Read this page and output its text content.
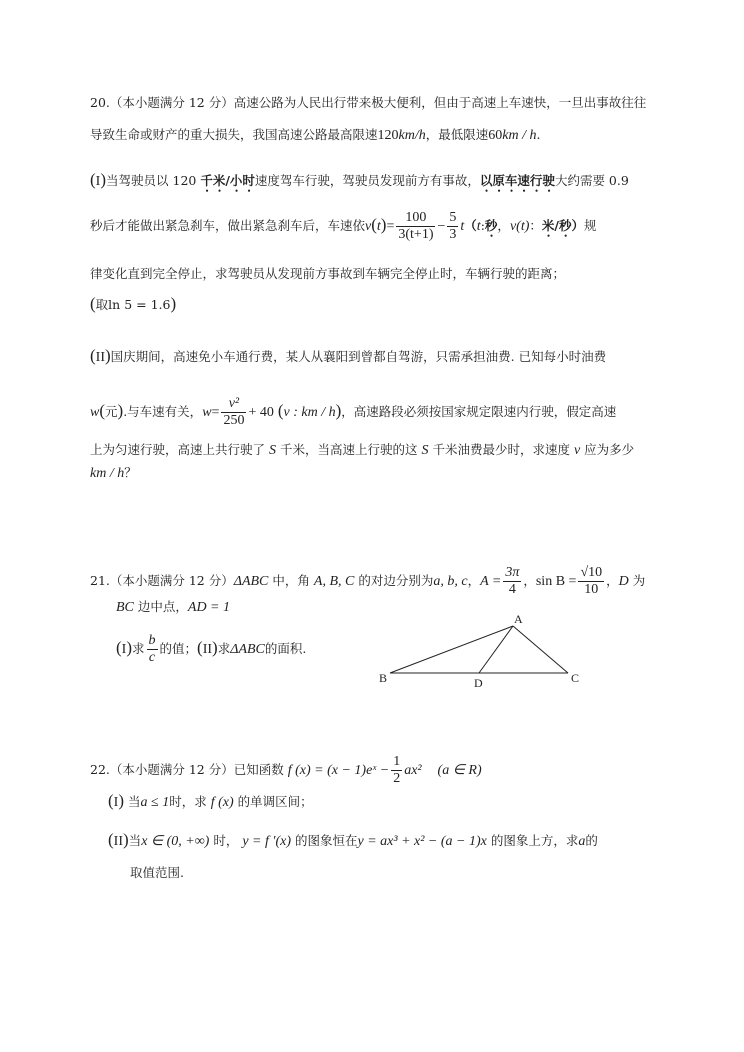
20.（本小题满分 12 分）高速公路为人民出行带来极大便利，但由于高速上车速快，一旦出事故往往
导致生命或财产的重大损失，我国高速公路最高限速120km/h，最低限速60km / h.
(I)当驾驶员以 120 千米/小时速度驾车行驶，驾驶员发现前方有事故，以原车速行驶大约需要 0.9
秒后才能做出紧急刹车，做出紧急刹车后，车速依$v(t)= \frac{100}{3(t+1)} - \frac{5}{3} t(t$:秒，v(t)：米/秒）规
律变化直到完全停止，求驾驶员从发现前方事故到车辆完全停止时，车辆行驶的距离；
(取ln 5 = 1.6)
(II)国庆期间，高速免小车通行费，某人从襄阳到曾都自驾游，只需承担油费. 已知每小时油费
w(元).与车速有关，$w= \frac{\text{v²}}{250} + 40$ (v : km / h)，高速路段必须按国家规定限速内行驶，假定高速
上为匀速行驶，高速上共行驶了 S 千米，当高速上行驶的这 S 千米油费最少时，求速度 v 应为多少
km / h？
21.（本小题满分 12 分）ΔABC 中，角 A, B, C 的对边分别为a, b, c，$A = \frac{3\pi}{4}$ ，$\sin B = \frac{√10}{10}$ ，D 为
BC 边中点，AD = 1
(I)求 $\frac{b}{c}$ 的值；(II)求ΔABC的面积.
A
B	D	C
22.（本小题满分 12 分）已知函数 f (x) = (x − 1)eˣ − $\frac{1}{2} ax^2$ (a ∈ R)
(I) 当a ≤ 1时，求 f (x) 的单调区间；
(II)当x ∈ (0, +∞) 时， y = f ′(x) 的图象恒在y = ax³ + x² − (a − 1)x 的图象上方，求a的
取值范围.
